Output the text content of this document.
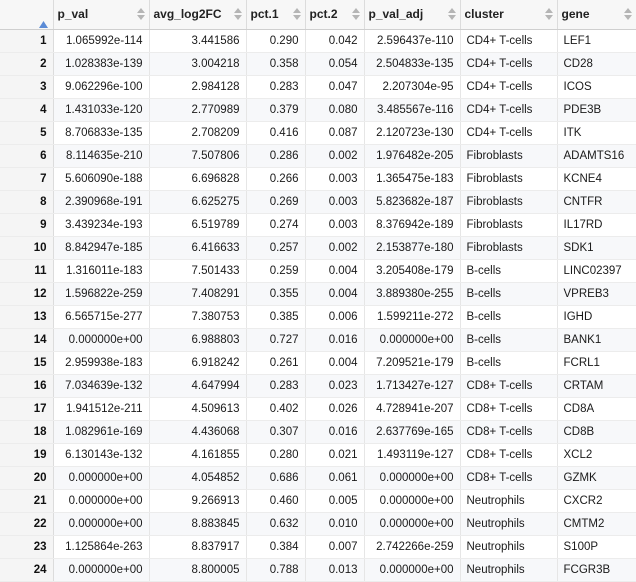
	p_val	avg_log2FC	pct.1	pct.2	p_val_adj	cluster	gene

1	1.065992e-114	3.441586	0.290	0.042	2.596437e-110	CD4+ T-cells	LEF1
2	1.028383e-139	3.004218	0.358	0.054	2.504833e-135	CD4+ T-cells	CD28
3	9.062296e-100	2.984128	0.283	0.047	2.207304e-95	CD4+ T-cells	ICOS
4	1.431033e-120	2.770989	0.379	0.080	3.485567e-116	CD4+ T-cells	PDE3B
5	8.706833e-135	2.708209	0.416	0.087	2.120723e-130	CD4+ T-cells	ITK
6	8.114635e-210	7.507806	0.286	0.002	1.976482e-205	Fibroblasts	ADAMTS16
7	5.606090e-188	6.696828	0.266	0.003	1.365475e-183	Fibroblasts	KCNE4
8	2.390968e-191	6.625275	0.269	0.003	5.823682e-187	Fibroblasts	CNTFR
9	3.439234e-193	6.519789	0.274	0.003	8.376942e-189	Fibroblasts	IL17RD
10	8.842947e-185	6.416633	0.257	0.002	2.153877e-180	Fibroblasts	SDK1
11	1.316011e-183	7.501433	0.259	0.004	3.205408e-179	B-cells	LINC02397
12	1.596822e-259	7.408291	0.355	0.004	3.889380e-255	B-cells	VPREB3
13	6.565715e-277	7.380753	0.385	0.006	1.599211e-272	B-cells	IGHD
14	0.000000e+00	6.988803	0.727	0.016	0.000000e+00	B-cells	BANK1
15	2.959938e-183	6.918242	0.261	0.004	7.209521e-179	B-cells	FCRL1
16	7.034639e-132	4.647994	0.283	0.023	1.713427e-127	CD8+ T-cells	CRTAM
17	1.941512e-211	4.509613	0.402	0.026	4.728941e-207	CD8+ T-cells	CD8A
18	1.082961e-169	4.436068	0.307	0.016	2.637769e-165	CD8+ T-cells	CD8B
19	6.130143e-132	4.161855	0.280	0.021	1.493119e-127	CD8+ T-cells	XCL2
20	0.000000e+00	4.054852	0.686	0.061	0.000000e+00	CD8+ T-cells	GZMK
21	0.000000e+00	9.266913	0.460	0.005	0.000000e+00	Neutrophils	CXCR2
22	0.000000e+00	8.883845	0.632	0.010	0.000000e+00	Neutrophils	CMTM2
23	1.125864e-263	8.837917	0.384	0.007	2.742266e-259	Neutrophils	S100P
24	0.000000e+00	8.800005	0.788	0.013	0.000000e+00	Neutrophils	FCGR3B
